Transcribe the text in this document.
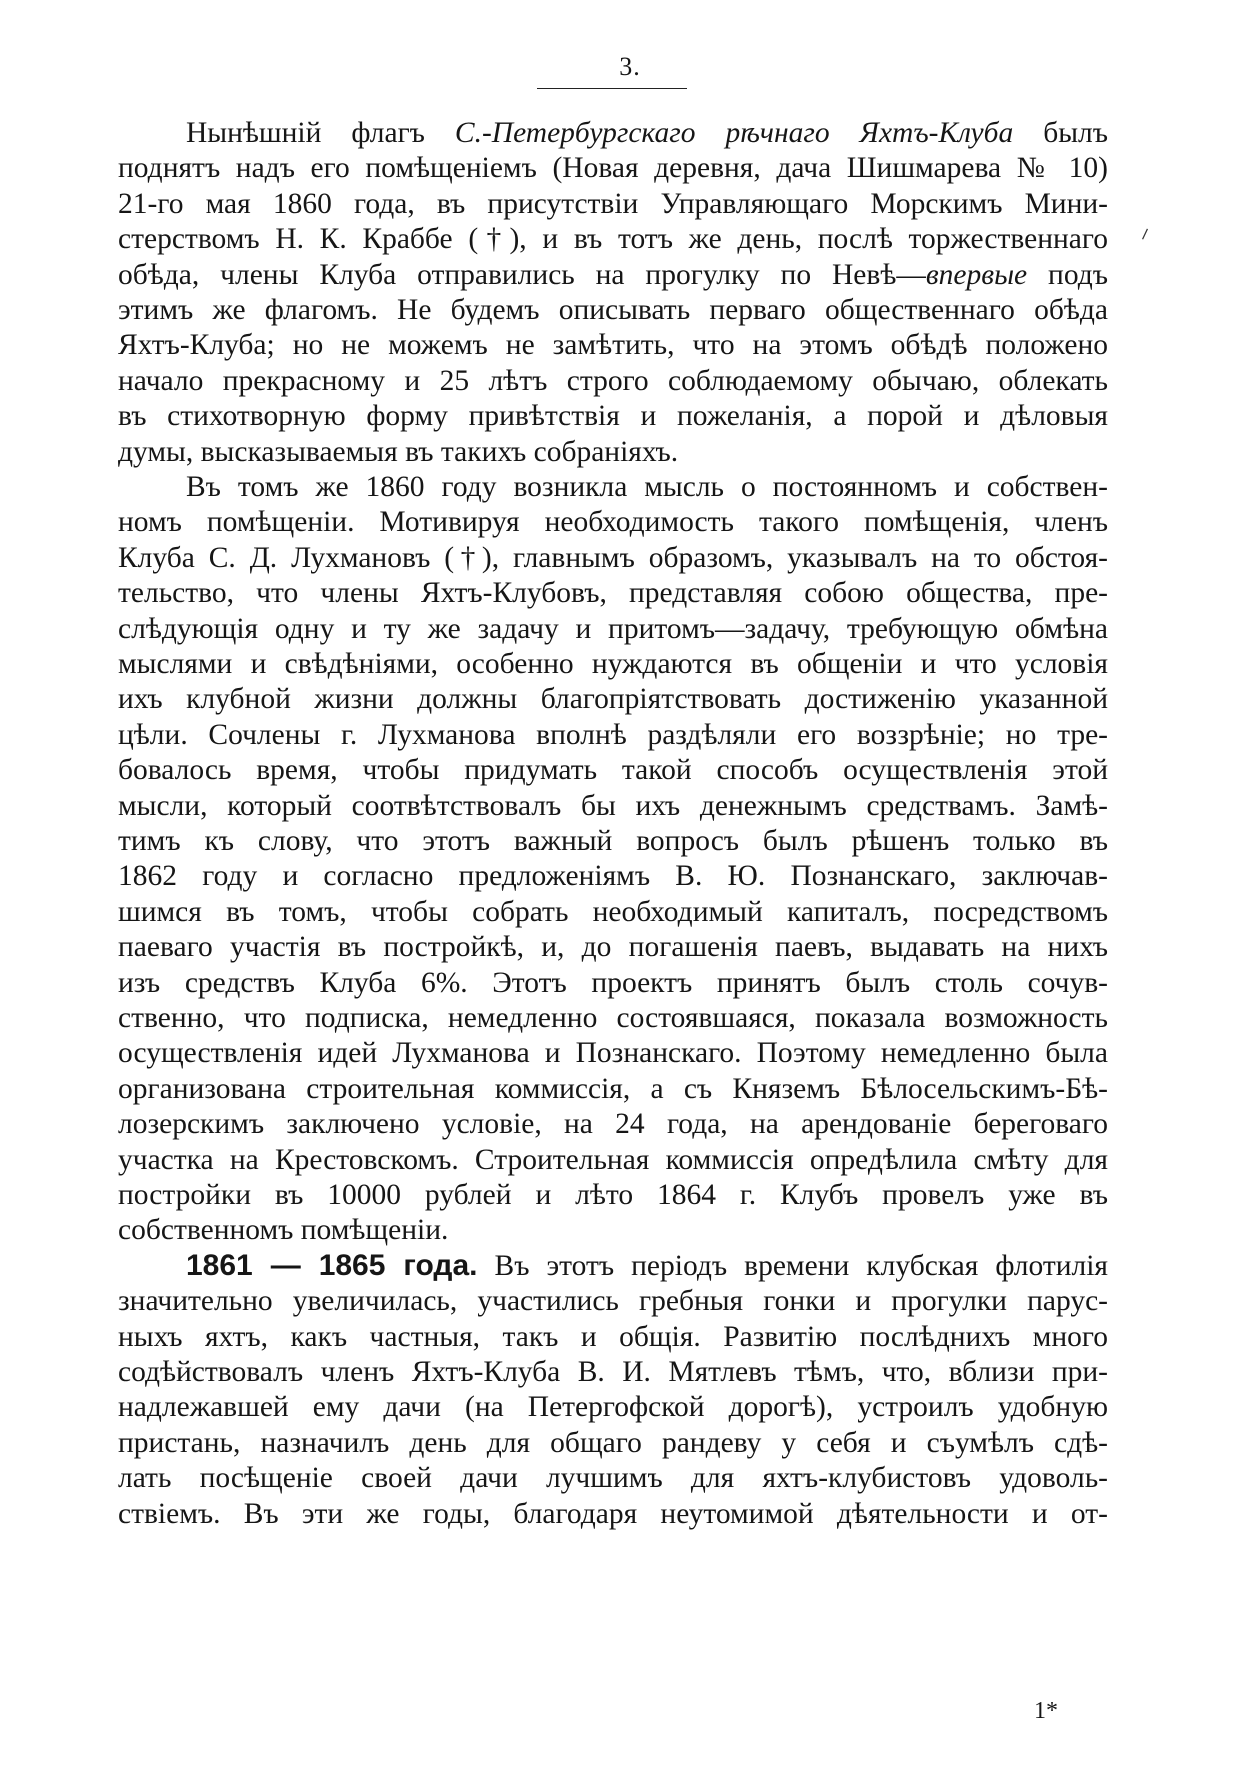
3.
Нынѣшній флагъ С.-Петербургскаго рѣчнаго Яхтъ-Клуба былъ
поднятъ надъ его помѣщеніемъ (Новая деревня, дача Шишмарева № 10)
21-го мая 1860 года, въ присутствіи Управляющаго Морскимъ Мини-
стерствомъ Н. К. Краббе (†), и въ тотъ же день, послѣ торжественнаго
обѣда, члены Клуба отправились на прогулку по Невѣ—впервые подъ
этимъ же флагомъ. Не будемъ описывать перваго общественнаго обѣда
Яхтъ-Клуба; но не можемъ не замѣтить, что на этомъ обѣдѣ положено
начало прекрасному и 25 лѣтъ строго соблюдаемому обычаю, облекать
въ стихотворную форму привѣтствія и пожеланія, а порой и дѣловыя
думы, высказываемыя въ такихъ собраніяхъ.
Въ томъ же 1860 году возникла мысль о постоянномъ и собствен-
номъ помѣщеніи. Мотивируя необходимость такого помѣщенія, членъ
Клуба С. Д. Лухмановъ (†), главнымъ образомъ, указывалъ на то обстоя-
тельство, что члены Яхтъ-Клубовъ, представляя собою общества, пре-
слѣдующія одну и ту же задачу и притомъ—задачу, требующую обмѣна
мыслями и свѣдѣніями, особенно нуждаются въ общеніи и что условія
ихъ клубной жизни должны благопріятствовать достиженію указанной
цѣли. Сочлены г. Лухманова вполнѣ раздѣляли его воззрѣніе; но тре-
бовалось время, чтобы придумать такой способъ осуществленія этой
мысли, который соотвѣтствовалъ бы ихъ денежнымъ средствамъ. Замѣ-
тимъ къ слову, что этотъ важный вопросъ былъ рѣшенъ только въ
1862 году и согласно предложеніямъ В. Ю. Познанскаго, заключав-
шимся въ томъ, чтобы собрать необходимый капиталъ, посредствомъ
паеваго участія въ постройкѣ, и, до погашенія паевъ, выдавать на нихъ
изъ средствъ Клуба 6%. Этотъ проектъ принятъ былъ столь сочув-
ственно, что подписка, немедленно состоявшаяся, показала возможность
осуществленія идей Лухманова и Познанскаго. Поэтому немедленно была
организована строительная коммиссія, а съ Княземъ Бѣлосельскимъ-Бѣ-
лозерскимъ заключено условіе, на 24 года, на арендованіе береговаго
участка на Крестовскомъ. Строительная коммиссія опредѣлила смѣту для
постройки въ 10000 рублей и лѣто 1864 г. Клубъ провелъ уже въ
собственномъ помѣщеніи.
1861 — 1865 года. Въ этотъ періодъ времени клубская флотилія
значительно увеличилась, участились гребныя гонки и прогулки парус-
ныхъ яхтъ, какъ частныя, такъ и общія. Развитію послѣднихъ много
содѣйствовалъ членъ Яхтъ-Клуба В. И. Мятлевъ тѣмъ, что, вблизи при-
надлежавшей ему дачи (на Петергофской дорогѣ), устроилъ удобную
пристань, назначилъ день для общаго рандеву у себя и съумѣлъ сдѣ-
лать посѣщеніе своей дачи лучшимъ для яхтъ-клубистовъ удоволь-
ствіемъ. Въ эти же годы, благодаря неутомимой дѣятельности и от-
⸝
1*
